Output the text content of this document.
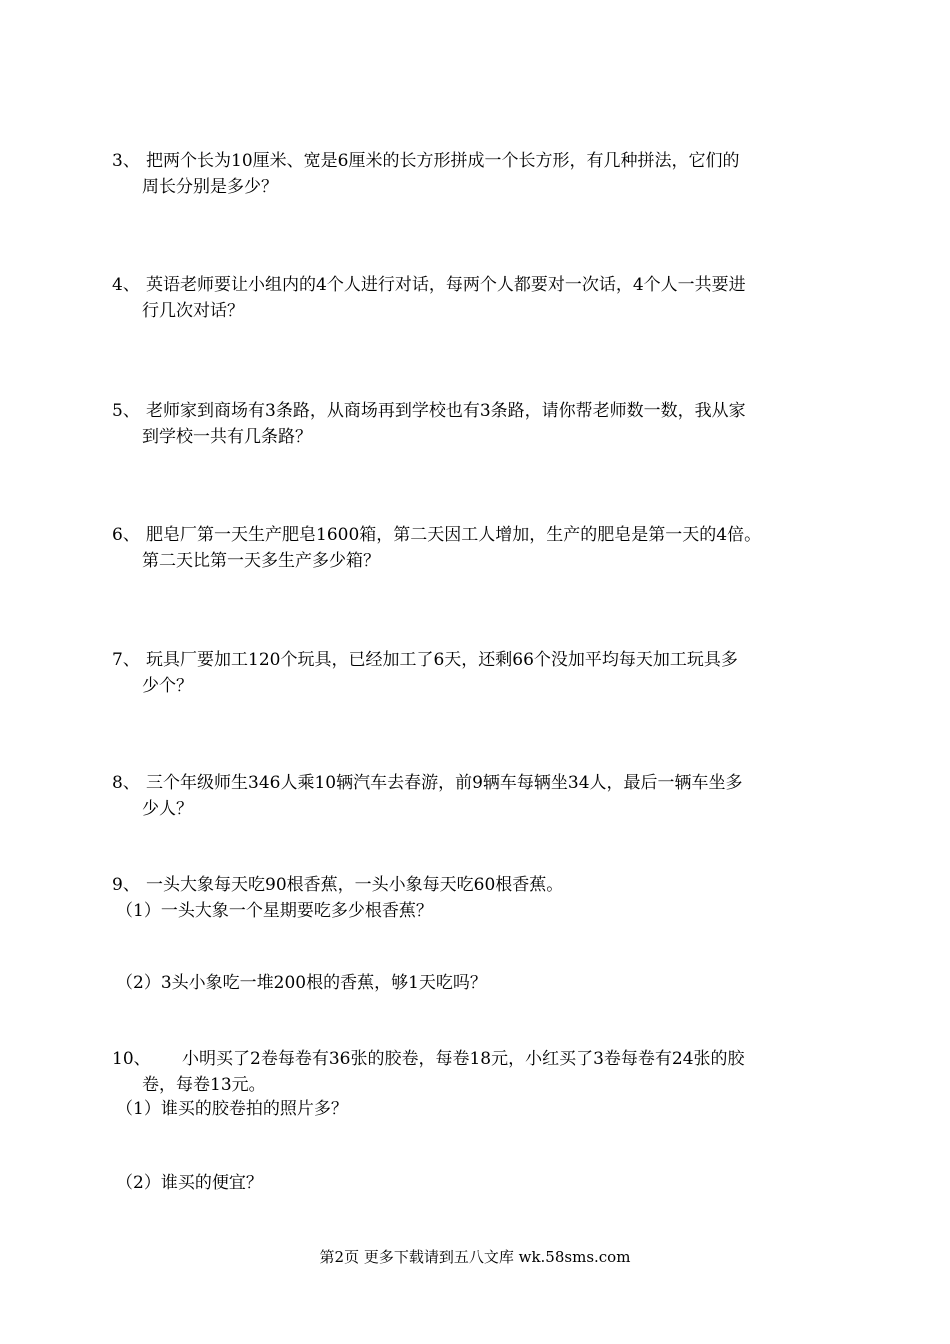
3、 把两个长为10厘米、宽是6厘米的长方形拼成一个长方形，有几种拼法，它们的
周长分别是多少？
4、 英语老师要让小组内的4个人进行对话，每两个人都要对一次话，4个人一共要进
行几次对话？
5、 老师家到商场有3条路，从商场再到学校也有3条路，请你帮老师数一数，我从家
到学校一共有几条路？
6、 肥皂厂第一天生产肥皂1600箱，第二天因工人增加，生产的肥皂是第一天的4倍。
第二天比第一天多生产多少箱？
7、 玩具厂要加工120个玩具，已经加工了6天，还剩66个没加平均每天加工玩具多
少个？
8、 三个年级师生346人乘10辆汽车去春游，前9辆车每辆坐34人，最后一辆车坐多
少人？
9、 一头大象每天吃90根香蕉，一头小象每天吃60根香蕉。
（1）一头大象一个星期要吃多少根香蕉？
（2）3头小象吃一堆200根的香蕉，够1天吃吗？
10、	小明买了2卷每卷有36张的胶卷，每卷18元，小红买了3卷每卷有24张的胶
卷，每卷13元。
（1）谁买的胶卷拍的照片多？
（2）谁买的便宜？
第2页 更多下载请到五八文库 wk.58sms.com
